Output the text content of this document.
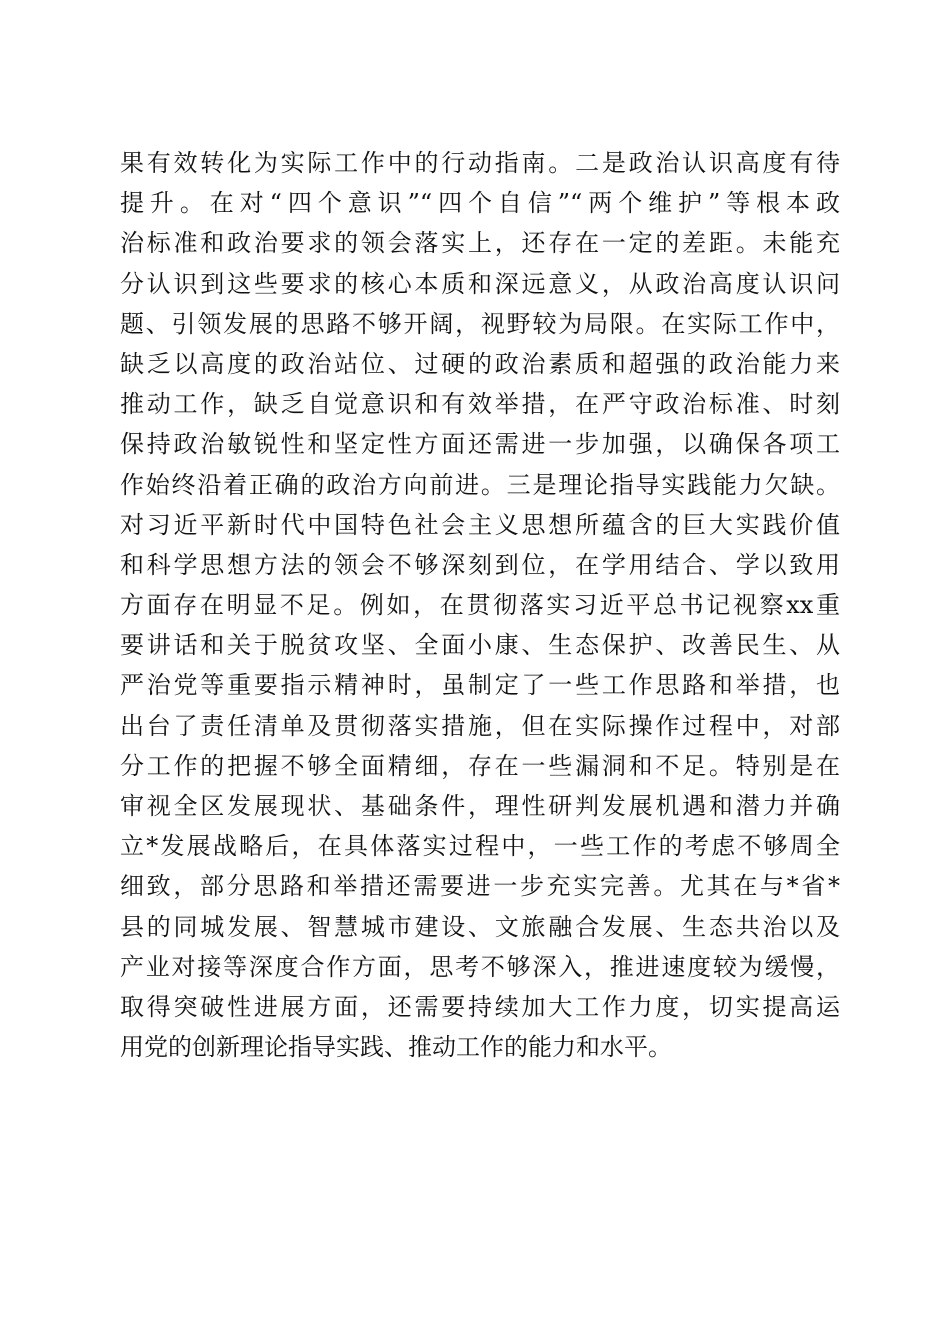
果有效转化为实际工作中的行动指南。二是政治认识高度有待
提升。在对“四个意识”“四个自信”“两个维护”等根本政
治标准和政治要求的领会落实上，还存在一定的差距。未能充
分认识到这些要求的核心本质和深远意义，从政治高度认识问
题、引领发展的思路不够开阔，视野较为局限。在实际工作中，
缺乏以高度的政治站位、过硬的政治素质和超强的政治能力来
推动工作，缺乏自觉意识和有效举措，在严守政治标准、时刻
保持政治敏锐性和坚定性方面还需进一步加强，以确保各项工
作始终沿着正确的政治方向前进。三是理论指导实践能力欠缺。
对习近平新时代中国特色社会主义思想所蕴含的巨大实践价值
和科学思想方法的领会不够深刻到位，在学用结合、学以致用
方面存在明显不足。例如，在贯彻落实习近平总书记视察xx重
要讲话和关于脱贫攻坚、全面小康、生态保护、改善民生、从
严治党等重要指示精神时，虽制定了一些工作思路和举措，也
出台了责任清单及贯彻落实措施，但在实际操作过程中，对部
分工作的把握不够全面精细，存在一些漏洞和不足。特别是在
审视全区发展现状、基础条件，理性研判发展机遇和潜力并确
立*发展战略后，在具体落实过程中，一些工作的考虑不够周全
细致，部分思路和举措还需要进一步充实完善。尤其在与*省*
县的同城发展、智慧城市建设、文旅融合发展、生态共治以及
产业对接等深度合作方面，思考不够深入，推进速度较为缓慢，
取得突破性进展方面，还需要持续加大工作力度，切实提高运
用党的创新理论指导实践、推动工作的能力和水平。
